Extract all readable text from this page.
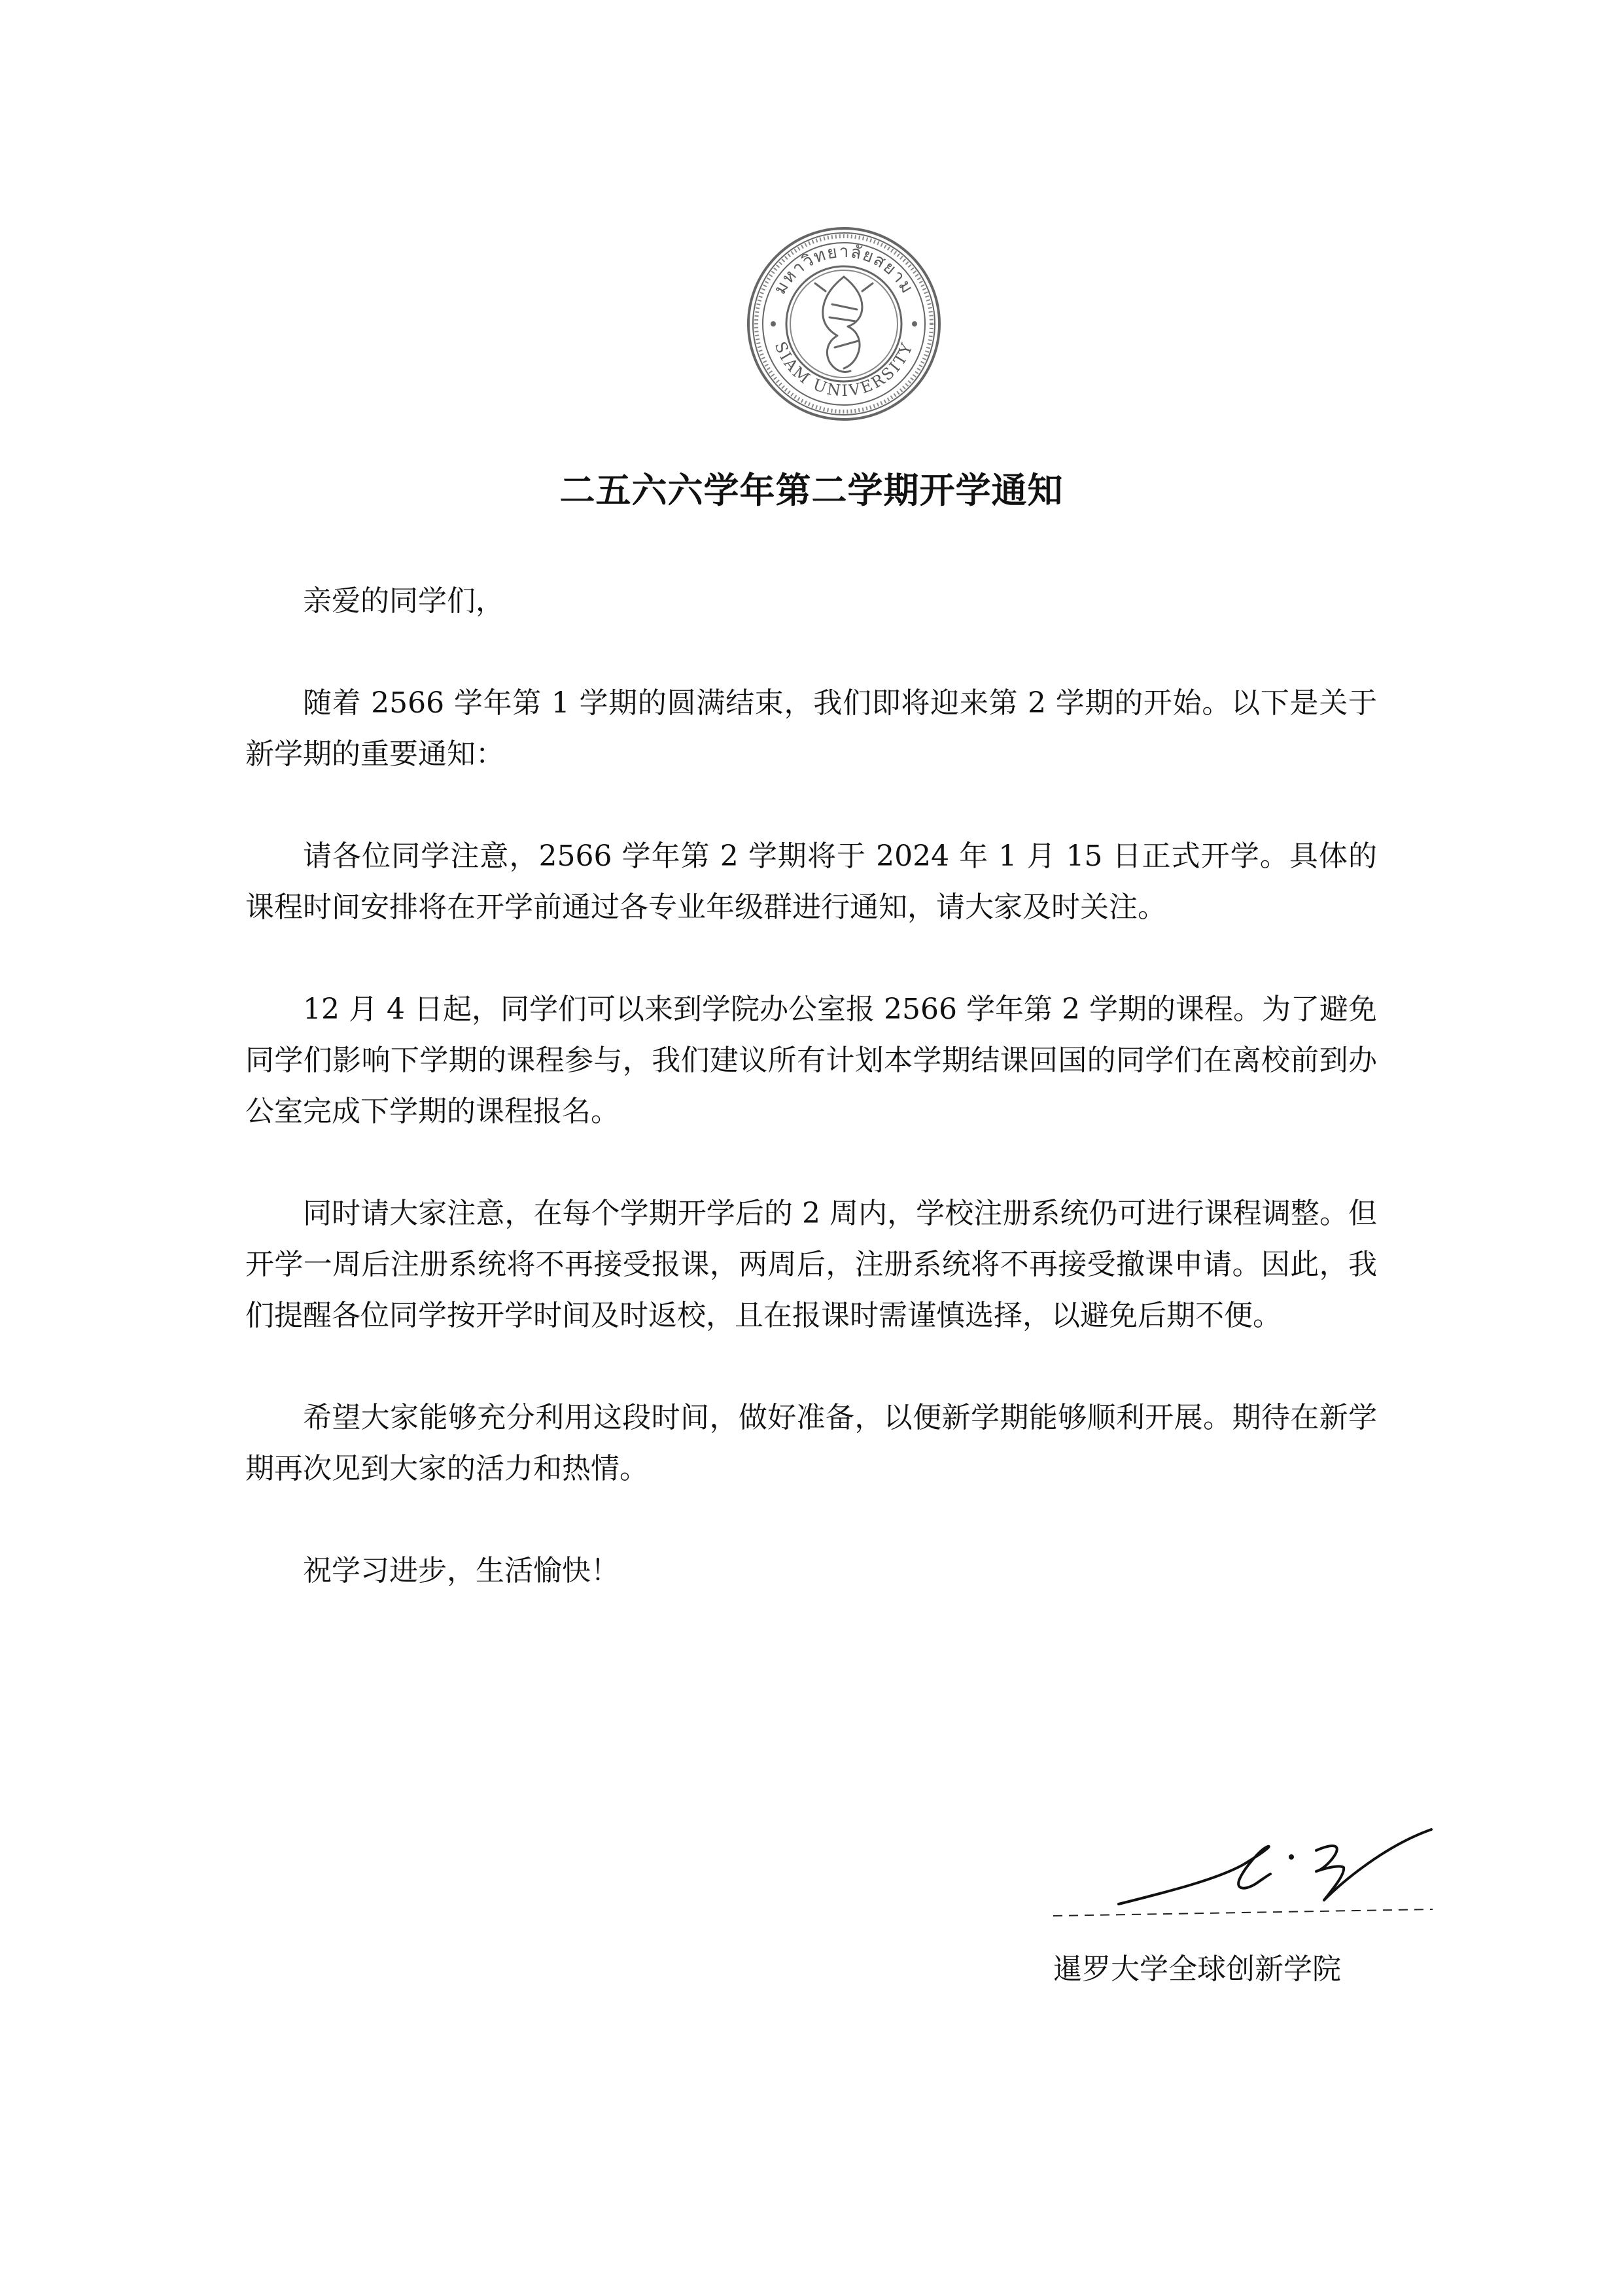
มหาวิทยาลัยสยาม
SIAM UNIVERSITY
二五六六学年第二学期开学通知

亲爱的同学们，

随着 2566 学年第 1 学期的圆满结束，我们即将迎来第 2 学期的开始。以下是关于新学期的重要通知：

请各位同学注意，2566 学年第 2 学期将于 2024 年 1 月 15 日正式开学。具体的课程时间安排将在开学前通过各专业年级群进行通知，请大家及时关注。

12 月 4 日起，同学们可以来到学院办公室报 2566 学年第 2 学期的课程。为了避免同学们影响下学期的课程参与，我们建议所有计划本学期结课回国的同学们在离校前到办公室完成下学期的课程报名。

同时请大家注意，在每个学期开学后的 2 周内，学校注册系统仍可进行课程调整。但开学一周后注册系统将不再接受报课，两周后，注册系统将不再接受撤课申请。因此，我们提醒各位同学按开学时间及时返校，且在报课时需谨慎选择，以避免后期不便。

希望大家能够充分利用这段时间，做好准备，以便新学期能够顺利开展。期待在新学期再次见到大家的活力和热情。

祝学习进步，生活愉快！

暹罗大学全球创新学院
